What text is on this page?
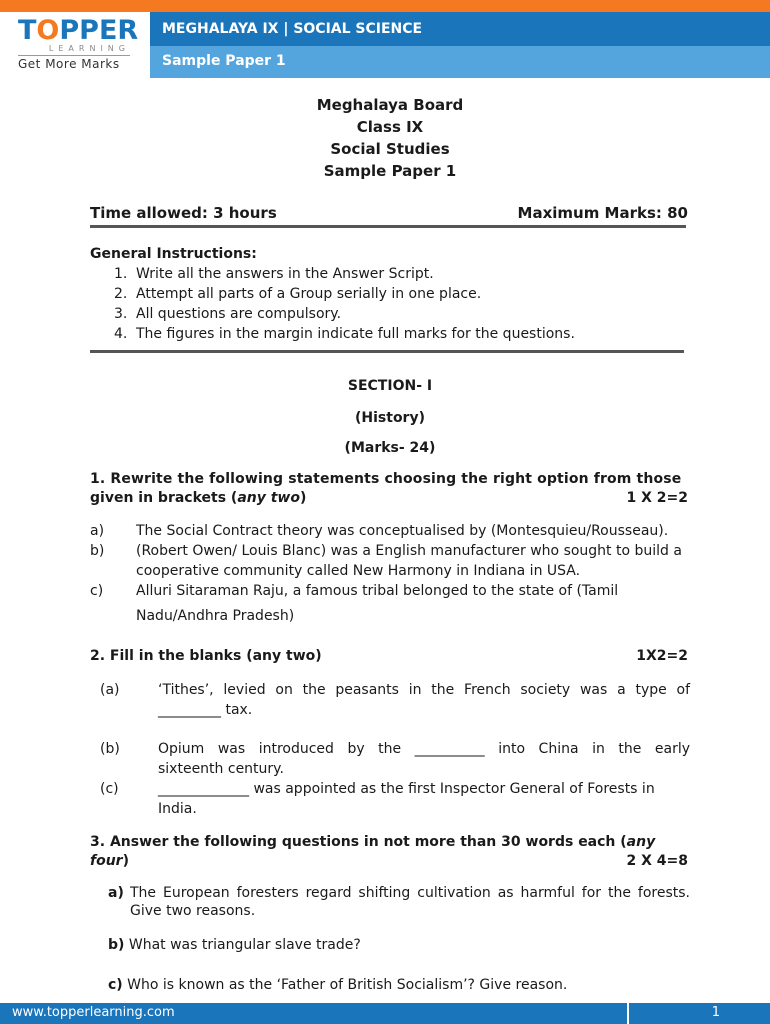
TOPPER
LEARNING
Get More Marks
MEGHALAYA IX | SOCIAL SCIENCE
Sample Paper 1
Meghalaya Board
Class IX
Social Studies
Sample Paper 1
Time allowed: 3 hours	Maximum Marks: 80
General Instructions:
1. Write all the answers in the Answer Script.
2. Attempt all parts of a Group serially in one place.
3. All questions are compulsory.
4. The figures in the margin indicate full marks for the questions.
SECTION- I
(History)
(Marks- 24)
1. Rewrite the following statements choosing the right option from those
given in brackets (any two)	1 X 2=2
a) The Social Contract theory was conceptualised by (Montesquieu/Rousseau).
b) (Robert Owen/ Louis Blanc) was a English manufacturer who sought to build a
cooperative community called New Harmony in Indiana in USA.
c) Alluri Sitaraman Raju, a famous tribal belonged to the state of (Tamil
Nadu/Andhra Pradesh)
2. Fill in the blanks (any two)	1X2=2
(a)	‘Tithes’, levied on the peasants in the French society was a type of
_________ tax.
(b)	Opium was introduced by the __________ into China in the early
sixteenth century.
(c)	_____________ was appointed as the first Inspector General of Forests in
India.
3. Answer the following questions in not more than 30 words each (any
four)	2 X 4=8
a) The European foresters regard shifting cultivation as harmful for the forests.
Give two reasons.
b) What was triangular slave trade?
c) Who is known as the ‘Father of British Socialism’? Give reason.
www.topperlearning.com	1
